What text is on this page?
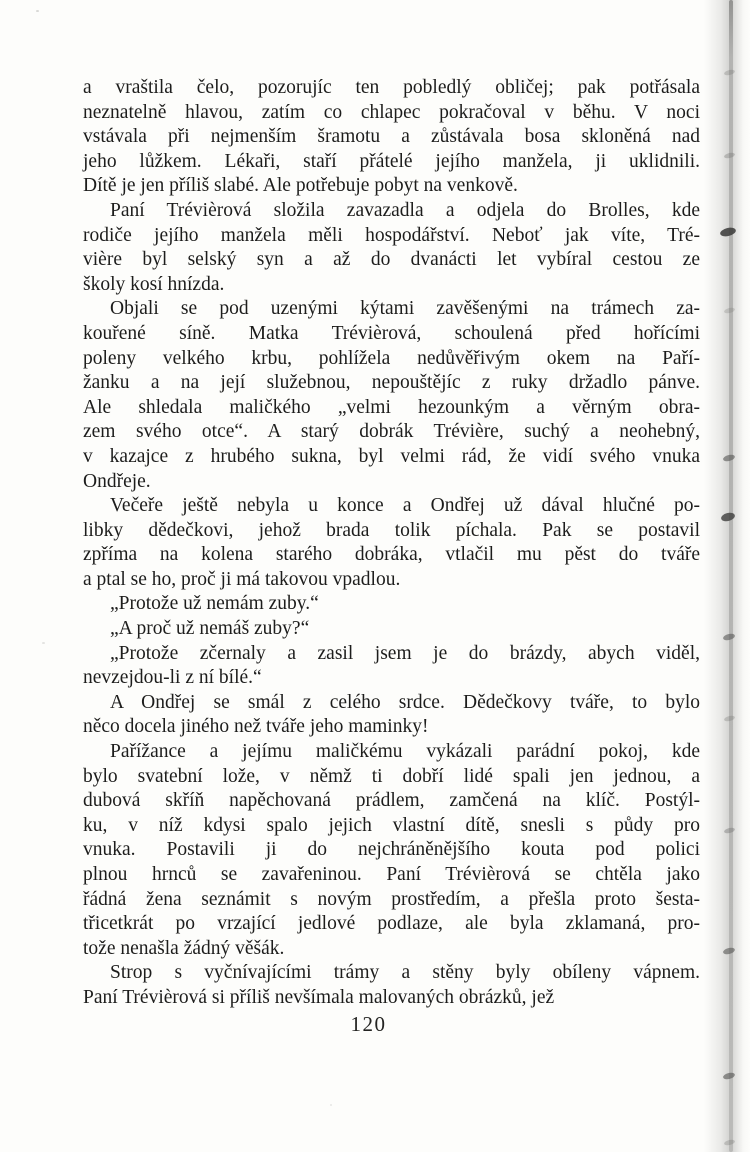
a vraštila čelo, pozorujíc ten pobledlý obličej; pak potřásala
neznatelně hlavou, zatím co chlapec pokračoval v běhu. V noci
vstávala při nejmenším šramotu a zůstávala bosa skloněná nad
jeho lůžkem. Lékaři, staří přátelé jejího manžela, ji uklidnili.
Dítě je jen příliš slabé. Ale potřebuje pobyt na venkově.
Paní Trévièrová složila zavazadla a odjela do Brolles, kde
rodiče jejího manžela měli hospodářství. Neboť jak víte, Tré-
vière byl selský syn a až do dvanácti let vybíral cestou ze
školy kosí hnízda.
Objali se pod uzenými kýtami zavěšenými na trámech za-
kouřené síně. Matka Trévièrová, schoulená před hořícími
poleny velkého krbu, pohlížela nedůvěřivým okem na Paří-
žanku a na její služebnou, nepouštějíc z ruky držadlo pánve.
Ale shledala maličkého „velmi hezounkým a věrným obra-
zem svého otce“. A starý dobrák Trévière, suchý a neohebný,
v kazajce z hrubého sukna, byl velmi rád, že vidí svého vnuka
Ondřeje.
Večeře ještě nebyla u konce a Ondřej už dával hlučné po-
libky dědečkovi, jehož brada tolik píchala. Pak se postavil
zpříma na kolena starého dobráka, vtlačil mu pěst do tváře
a ptal se ho, proč ji má takovou vpadlou.
„Protože už nemám zuby.“
„A proč už nemáš zuby?“
„Protože zčernaly a zasil jsem je do brázdy, abych viděl,
nevzejdou-li z ní bílé.“
A Ondřej se smál z celého srdce. Dědečkovy tváře, to bylo
něco docela jiného než tváře jeho maminky!
Pařížance a jejímu maličkému vykázali parádní pokoj, kde
bylo svatební lože, v němž ti dobří lidé spali jen jednou, a
dubová skříň napěchovaná prádlem, zamčená na klíč. Postýl-
ku, v níž kdysi spalo jejich vlastní dítě, snesli s půdy pro
vnuka. Postavili ji do nejchráněnějšího kouta pod polici
plnou hrnců se zavařeninou. Paní Trévièrová se chtěla jako
řádná žena seznámit s novým prostředím, a přešla proto šesta-
třicetkrát po vrzající jedlové podlaze, ale byla zklamaná, pro-
tože nenašla žádný věšák.
Strop s vyčnívajícími trámy a stěny byly obíleny vápnem.
Paní Trévièrová si příliš nevšímala malovaných obrázků, jež
120
